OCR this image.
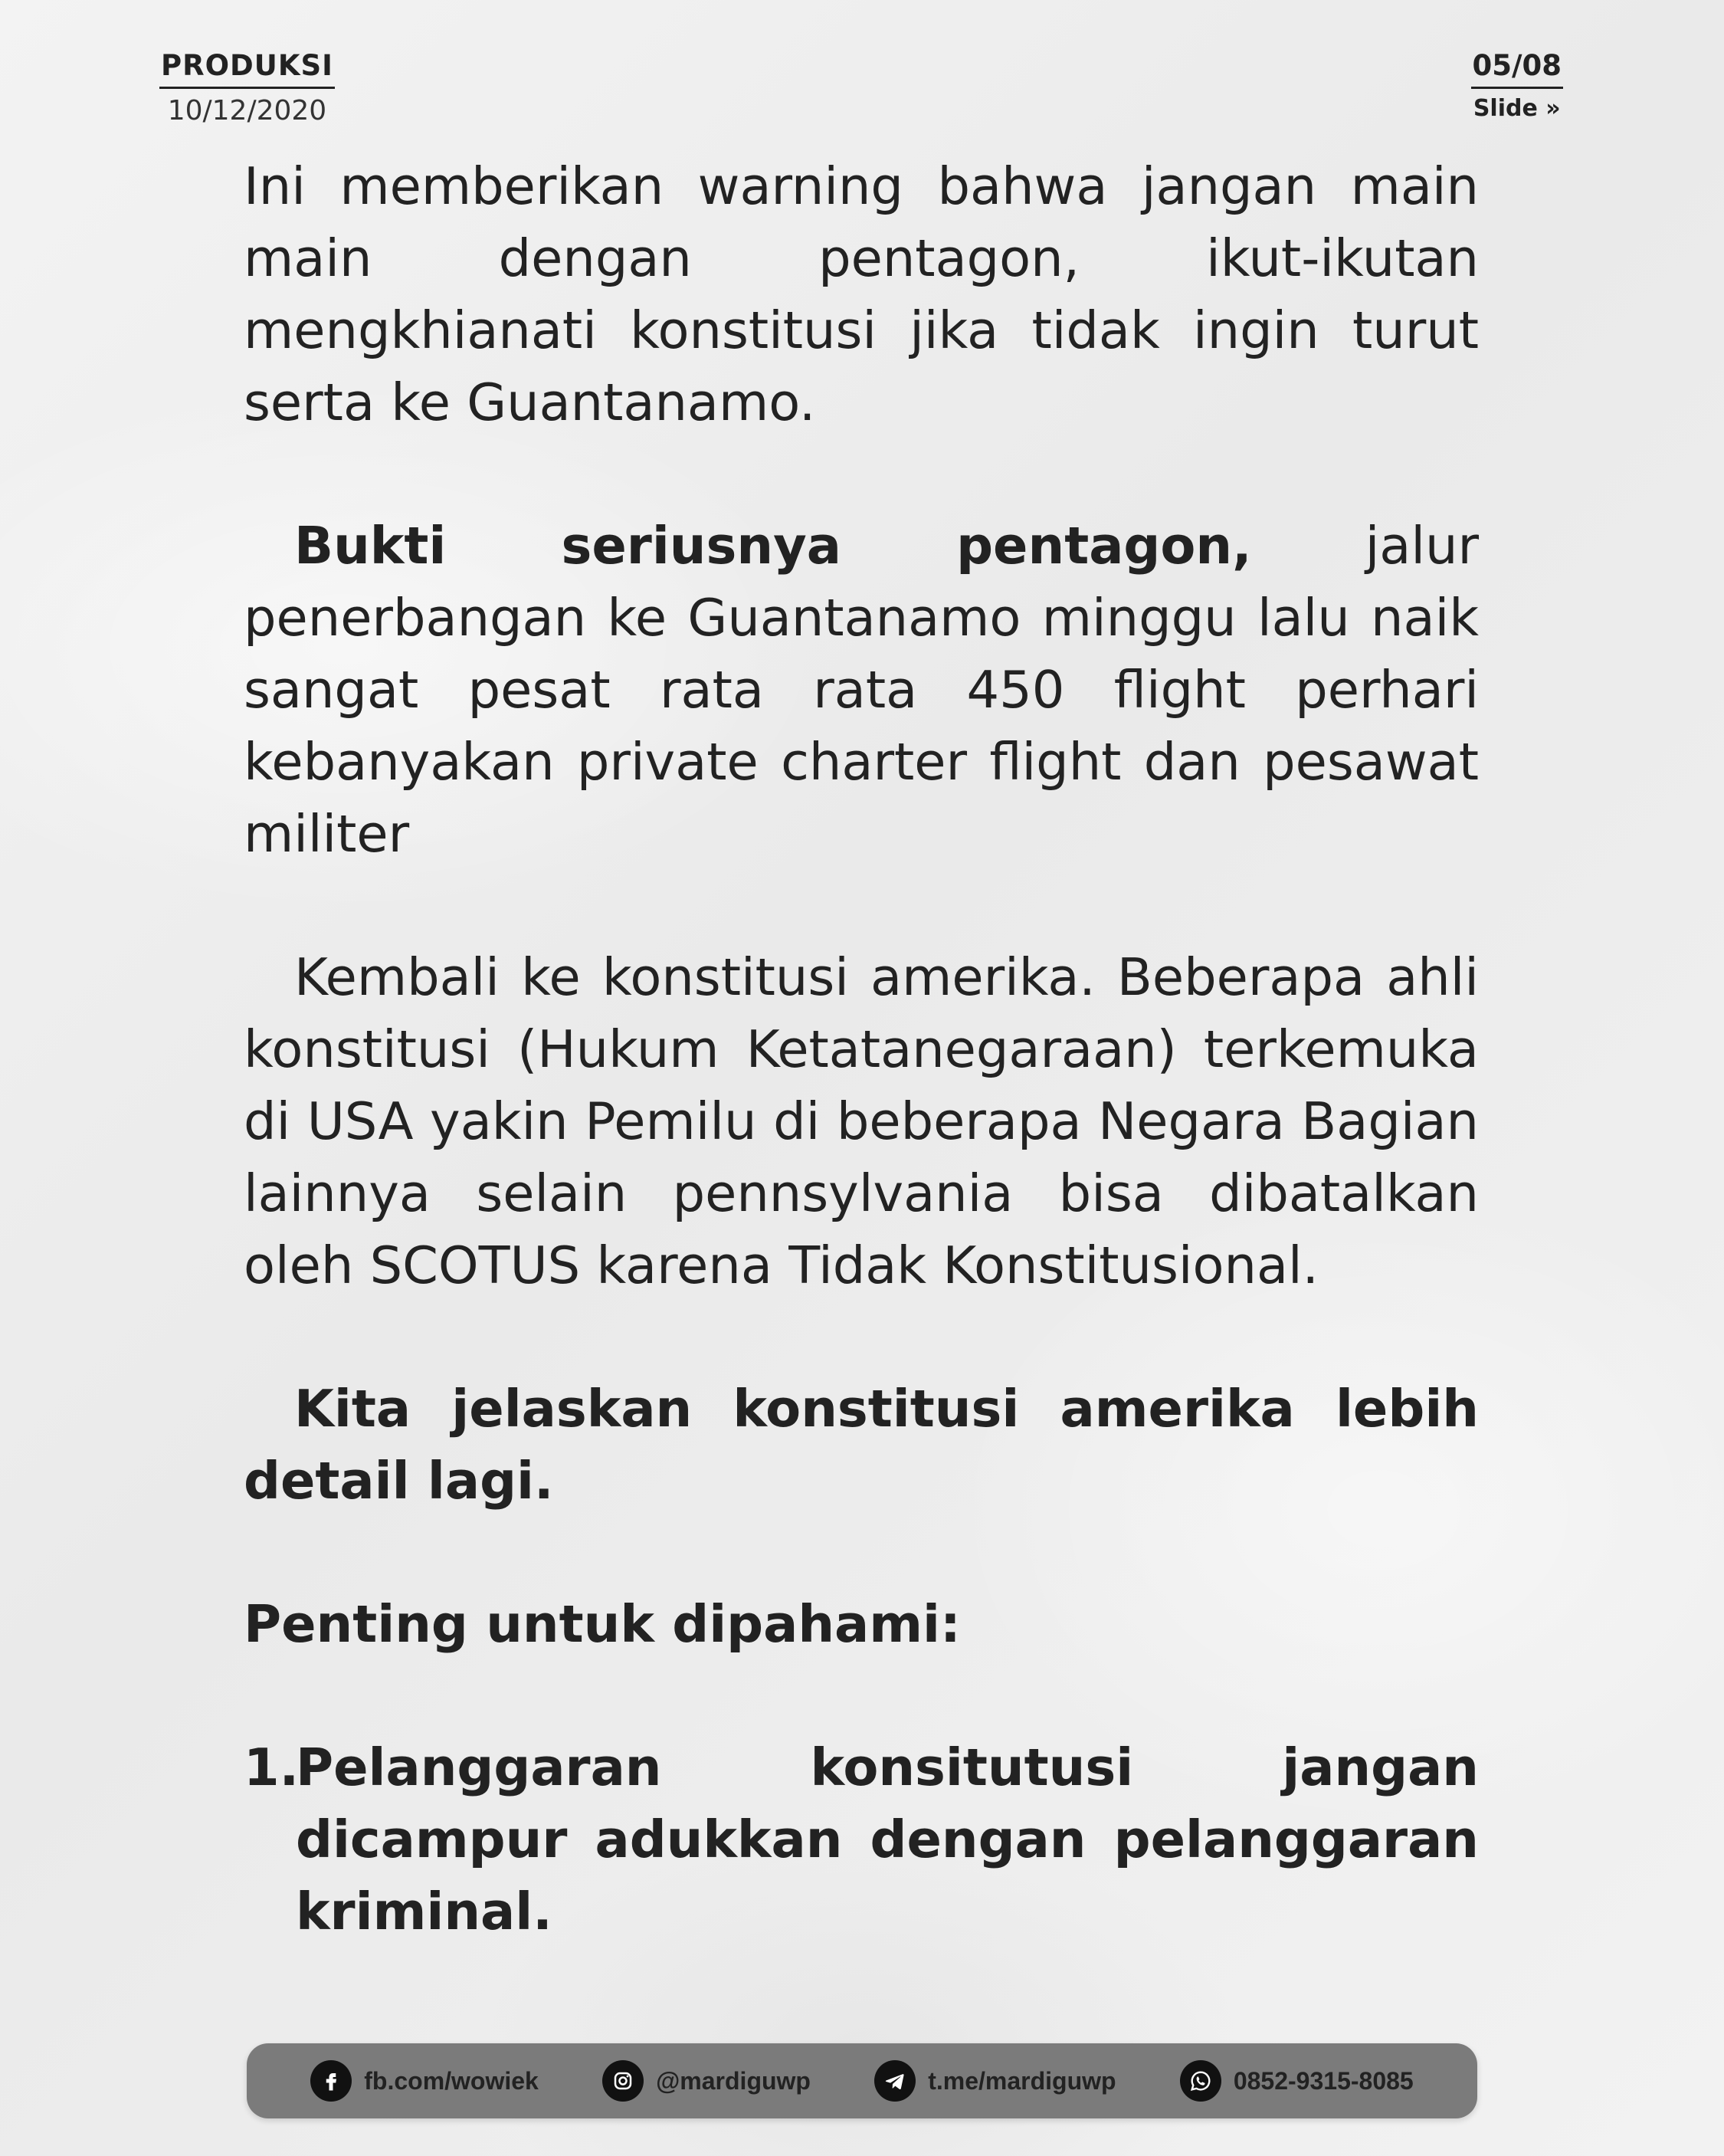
PRODUKSI
10/12/2020
05/08
Slide »

Ini memberikan warning bahwa jangan main main dengan pentagon, ikut-ikutan mengkhianati konstitusi jika tidak ingin turut serta ke Guantanamo.

Bukti seriusnya pentagon, jalur penerbangan ke Guantanamo minggu lalu naik sangat pesat rata rata 450 flight perhari kebanyakan private charter flight dan pesawat militer

Kembali ke konstitusi amerika. Beberapa ahli konstitusi (Hukum Ketatanegaraan) terkemuka di USA yakin Pemilu di beberapa Negara Bagian lainnya selain pennsylvania bisa dibatalkan oleh SCOTUS karena Tidak Konstitusional.

Kita jelaskan konstitusi amerika lebih detail lagi.

Penting untuk dipahami:

1.
Pelanggaran konsitutusi jangan dicampur adukkan dengan pelanggaran kriminal.
fb.com/wowiek	@mardiguwp	t.me/mardiguwp	0852-9315-8085
